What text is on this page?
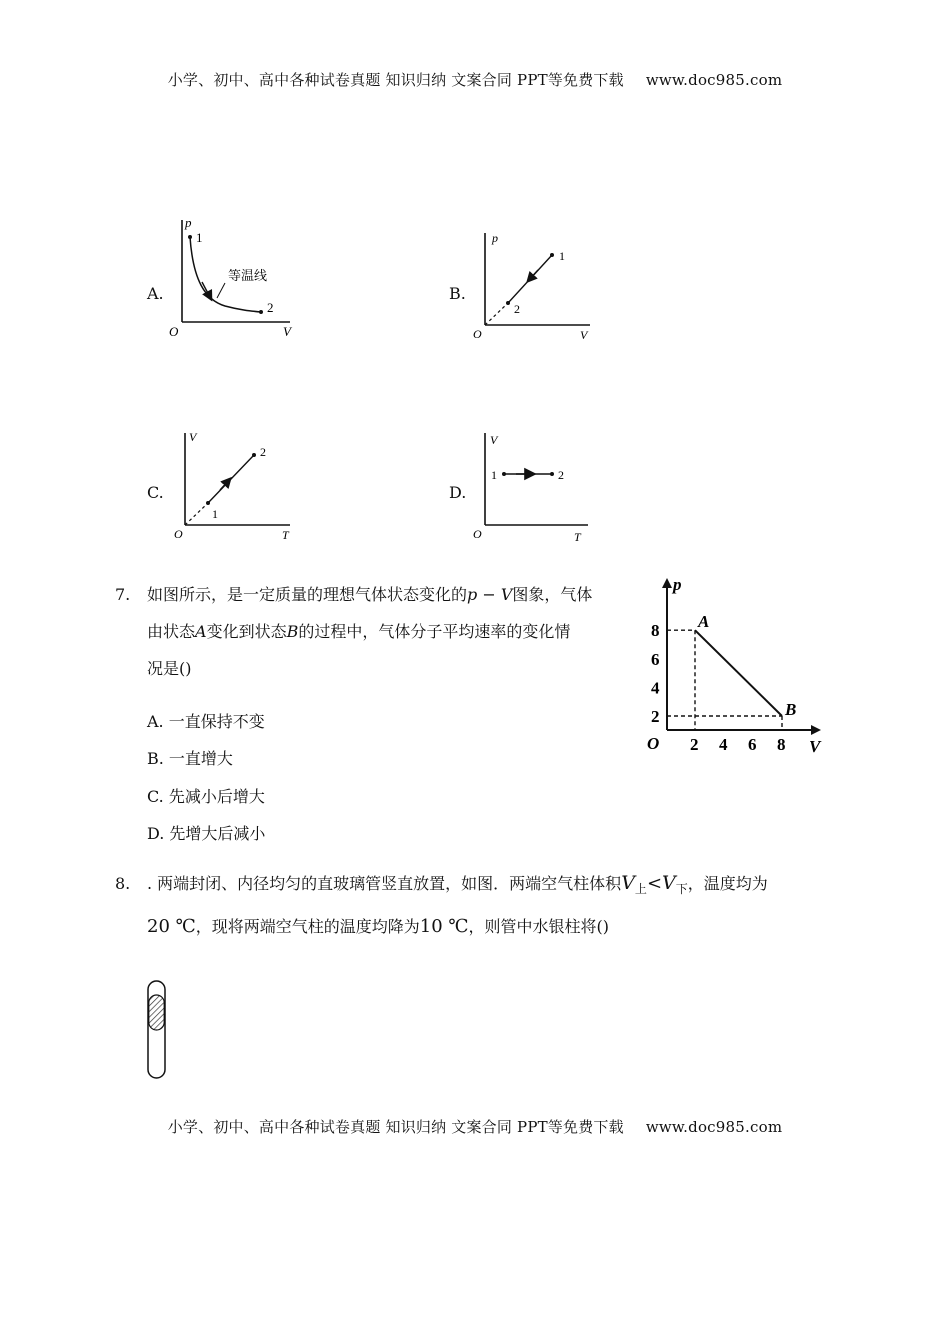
小学、初中、高中各种试卷真题 知识归纳 文案合同 PPT等免费下载 www.doc985.com
A.
p
V
O
1
2
等温线
B.
p
V
O
1
2
C.
V
T
O
1
2
D.
V
T
O
1	2
7. 如图所示，是一定质量的理想气体状态变化的p − V图象，气体
由状态A变化到状态B的过程中，气体分子平均速率的变化情
况是()
A. 一直保持不变
B. 一直增大
C. 先减小后增大
D. 先增大后减小
p
V
O 2 4 6 8
2
4
6
8 A
B
8. . 两端封闭、内径均匀的直玻璃管竖直放置，如图．两端空气柱体积$V_上<V_下$，温度均为
20 ℃，现将两端空气柱的温度均降为10 ℃，则管中水银柱将()
小学、初中、高中各种试卷真题 知识归纳 文案合同 PPT等免费下载 www.doc985.com
